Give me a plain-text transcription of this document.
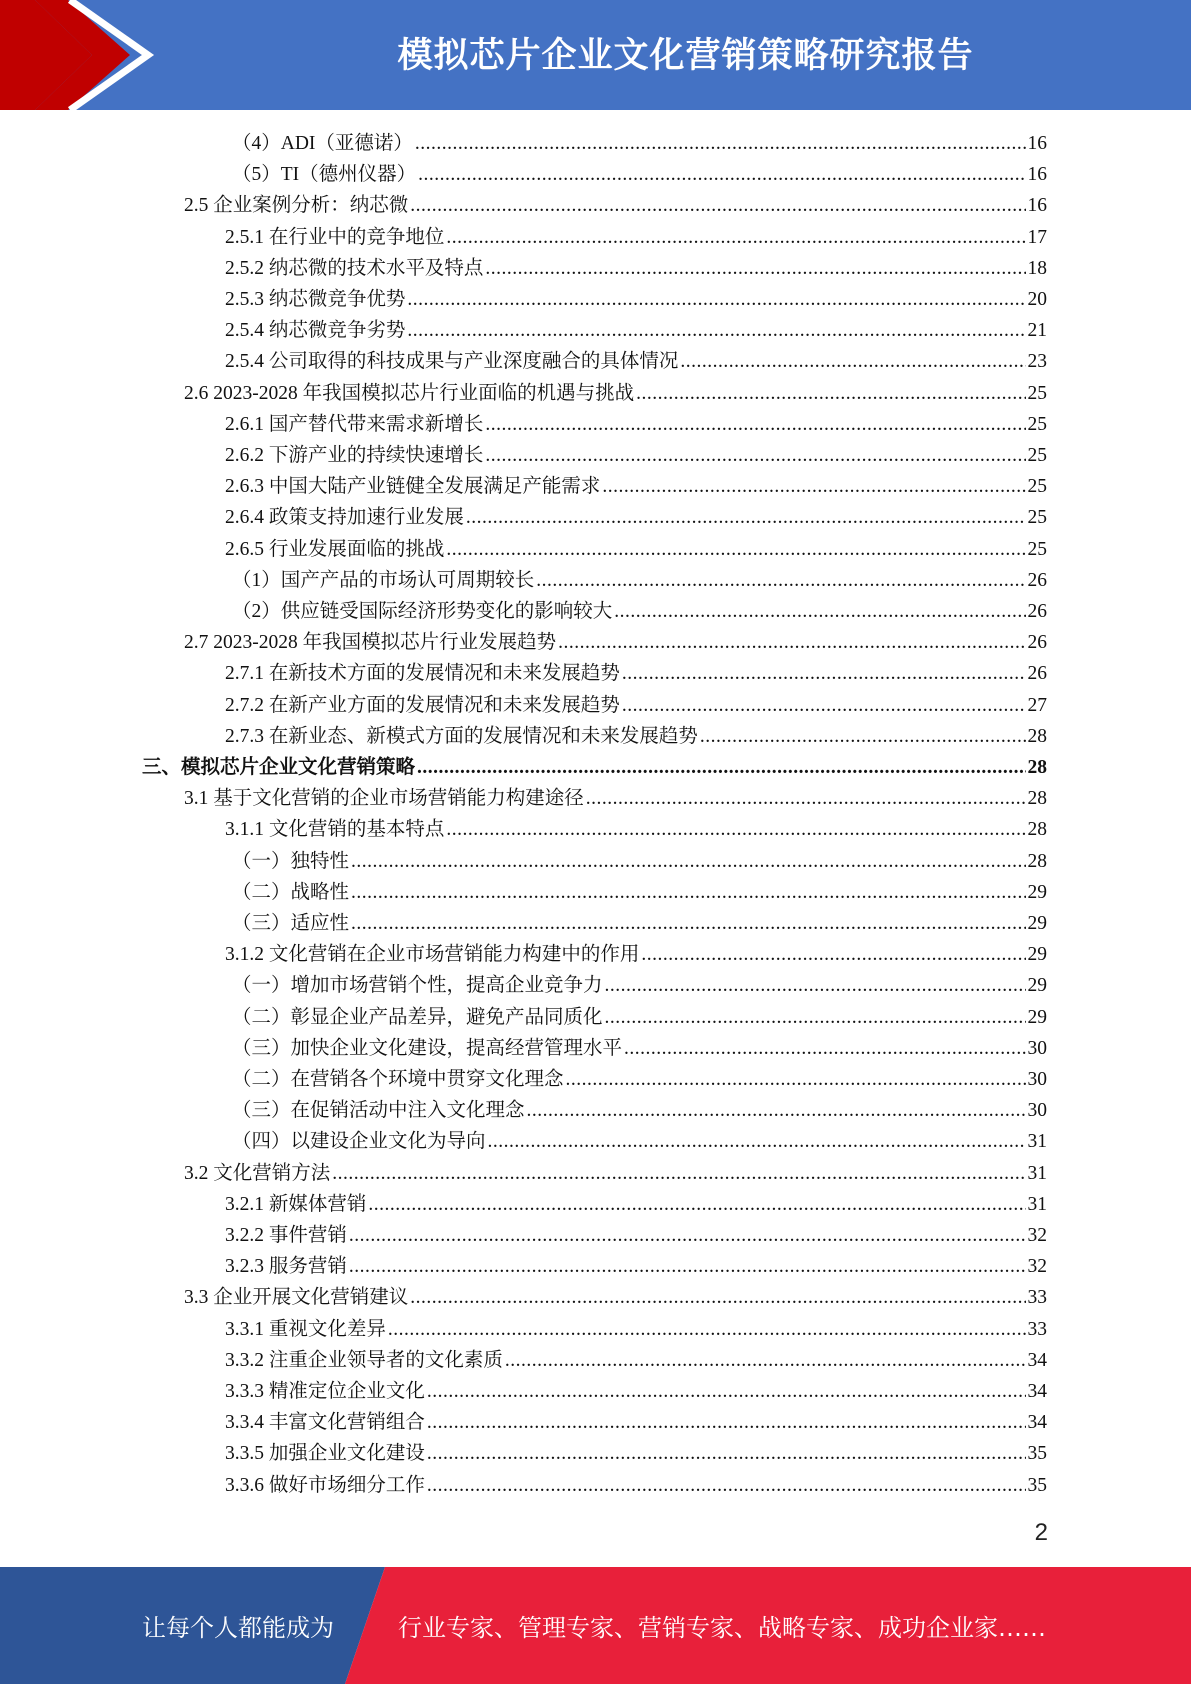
模拟芯片企业文化营销策略研究报告
（4）ADI（亚德诺） .....	16
（5）TI（德州仪器） .....	16
2.5 企业案例分析：纳芯微 .....	16
2.5.1 在行业中的竞争地位 .....	17
2.5.2 纳芯微的技术水平及特点 .....	18
2.5.3 纳芯微竞争优势 .....	20
2.5.4 纳芯微竞争劣势 .....	21
2.5.4 公司取得的科技成果与产业深度融合的具体情况 .....	23
2.6 2023-2028 年我国模拟芯片行业面临的机遇与挑战 .....	25
2.6.1 国产替代带来需求新增长 .....	25
2.6.2 下游产业的持续快速增长 .....	25
2.6.3 中国大陆产业链健全发展满足产能需求 .....	25
2.6.4 政策支持加速行业发展 .....	25
2.6.5 行业发展面临的挑战 .....	25
（1）国产产品的市场认可周期较长 .....	26
（2）供应链受国际经济形势变化的影响较大 .....	26
2.7 2023-2028 年我国模拟芯片行业发展趋势 .....	26
2.7.1 在新技术方面的发展情况和未来发展趋势 .....	26
2.7.2 在新产业方面的发展情况和未来发展趋势 .....	27
2.7.3 在新业态、新模式方面的发展情况和未来发展趋势 .....	28
三、模拟芯片企业文化营销策略 .....	28
3.1 基于文化营销的企业市场营销能力构建途径 .....	28
3.1.1 文化营销的基本特点 .....	28
（一）独特性 .....	28
（二）战略性 .....	29
（三）适应性 .....	29
3.1.2 文化营销在企业市场营销能力构建中的作用 .....	29
（一）增加市场营销个性，提高企业竞争力 .....	29
（二）彰显企业产品差异，避免产品同质化 .....	29
（三）加快企业文化建设，提高经营管理水平 .....	30
（二）在营销各个环境中贯穿文化理念 .....	30
（三）在促销活动中注入文化理念 .....	30
（四）以建设企业文化为导向 .....	31
3.2 文化营销方法 .....	31
3.2.1 新媒体营销 .....	31
3.2.2 事件营销 .....	32
3.2.3 服务营销 .....	32
3.3 企业开展文化营销建议 .....	33
3.3.1 重视文化差异 .....	33
3.3.2 注重企业领导者的文化素质 .....	34
3.3.3 精准定位企业文化 .....	34
3.3.4 丰富文化营销组合 .....	34
3.3.5 加强企业文化建设 .....	35
3.3.6 做好市场细分工作 .....	35
2
让每个人都能成为	行业专家、管理专家、营销专家、战略专家、成功企业家……
